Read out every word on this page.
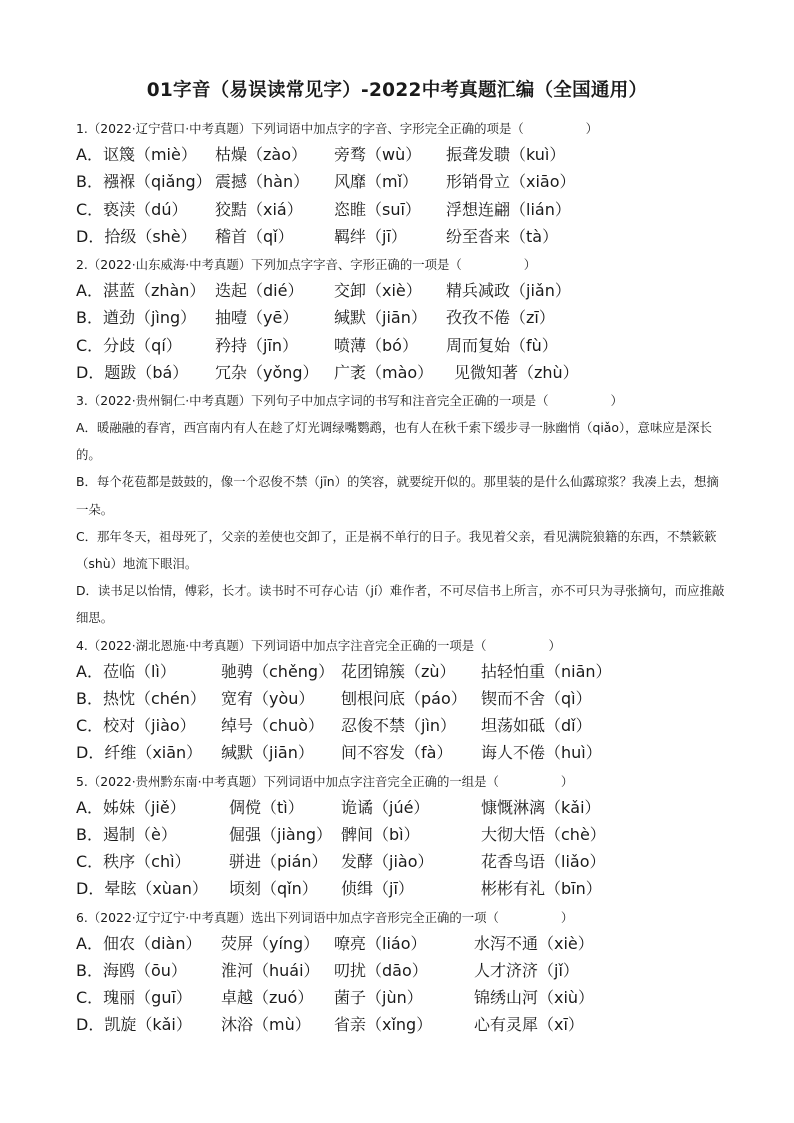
01字音（易误读常见字）-2022中考真题汇编（全国通用）
1.（2022·辽宁营口·中考真题）下列词语中加点字的字音、字形完全正确的项是（　　　　　）
A．讴篾（miè） 枯燥（zào） 旁骛（wù） 振聋发聩（kuì）
B．襁褓（qiǎng） 震撼（hàn） 风靡（mǐ） 形销骨立（xiāo）
C．亵渎（dú） 狡黠（xiá） 恣睢（suī） 浮想连翩（lián）
D．拾级（shè） 稽首（qǐ）	羁绊（jī） 纷至沓来（tà）
2.（2022·山东威海·中考真题）下列加点字字音、字形正确的一项是（　　　　　）
A．湛蓝（zhàn） 迭起（dié） 交卸（xiè） 精兵减政（jiǎn）
B．遒劲（jìng） 抽噎（yē） 缄默（jiān） 孜孜不倦（zī）
C．分歧（qí） 矜持（jīn） 喷薄（bó） 周而复始（fù）
D．题跋（bá） 冗杂（yǒng） 广袤（mào） 见微知著（zhù）
3.（2022·贵州铜仁·中考真题）下列句子中加点字词的书写和注音完全正确的一项是（　　　　　）
A．暖融融的春宵，西宫南内有人在趁了灯光调绿嘴鹦鹉，也有人在秋千索下缓步寻一脉幽悄（qiǎo），意味应是深长的。
B．每个花苞都是鼓鼓的，像一个忍俊不禁（jīn）的笑容，就要绽开似的。那里装的是什么仙露琼浆？我凑上去，想摘一朵。
C．那年冬天，祖母死了，父亲的差使也交卸了，正是祸不单行的日子。我见着父亲，看见满院狼籍的东西，不禁簌簌（shù）地流下眼泪。
D．读书足以怡情，傅彩，长才。读书时不可存心诘（jí）难作者，不可尽信书上所言，亦不可只为寻张摘句，而应推敲细思。
4.（2022·湖北恩施·中考真题）下列词语中加点字注音完全正确的一项是（　　　　　）
A．莅临（lì）	驰骋（chěng） 花团锦簇（zù） 拈轻怕重（niān）
B．热忱（chén） 宽宥（yòu） 刨根问底（páo） 锲而不舍（qì）
C．校对（jiào） 绰号（chuò） 忍俊不禁（jìn） 坦荡如砥（dǐ）
D．纤维（xiān） 缄默（jiān） 间不容发（fà） 诲人不倦（huì）
5.（2022·贵州黔东南·中考真题）下列词语中加点字注音完全正确的一组是（　　　　　）
A．姊妹（jiě）	倜傥（tì） 诡谲（júé）	慷慨淋漓（kǎi）
B．遏制（è）	倔强（jiàng） 髀间（bì）	大彻大悟（chè）
C．秩序（chì） 骈进（pián） 发酵（jiào）	花香鸟语（liǎo）
D．晕眩（xùan） 顷刻（qǐn） 侦缉（jī）	彬彬有礼（bīn）
6.（2022·辽宁辽宁·中考真题）选出下列词语中加点字音形完全正确的一项（　　　　　）
A．佃农（diàn） 荧屏（yíng） 嘹亮（liáo）	水泻不通（xiè）
B．海鸥（ōu） 淮河（huái） 叨扰（dāo）	人才济济（jǐ）
C．瑰丽（guī） 卓越（zuó） 菌子（jùn）	锦绣山河（xiù）
D．凯旋（kǎi） 沐浴（mù） 省亲（xǐng）	心有灵犀（xī）
